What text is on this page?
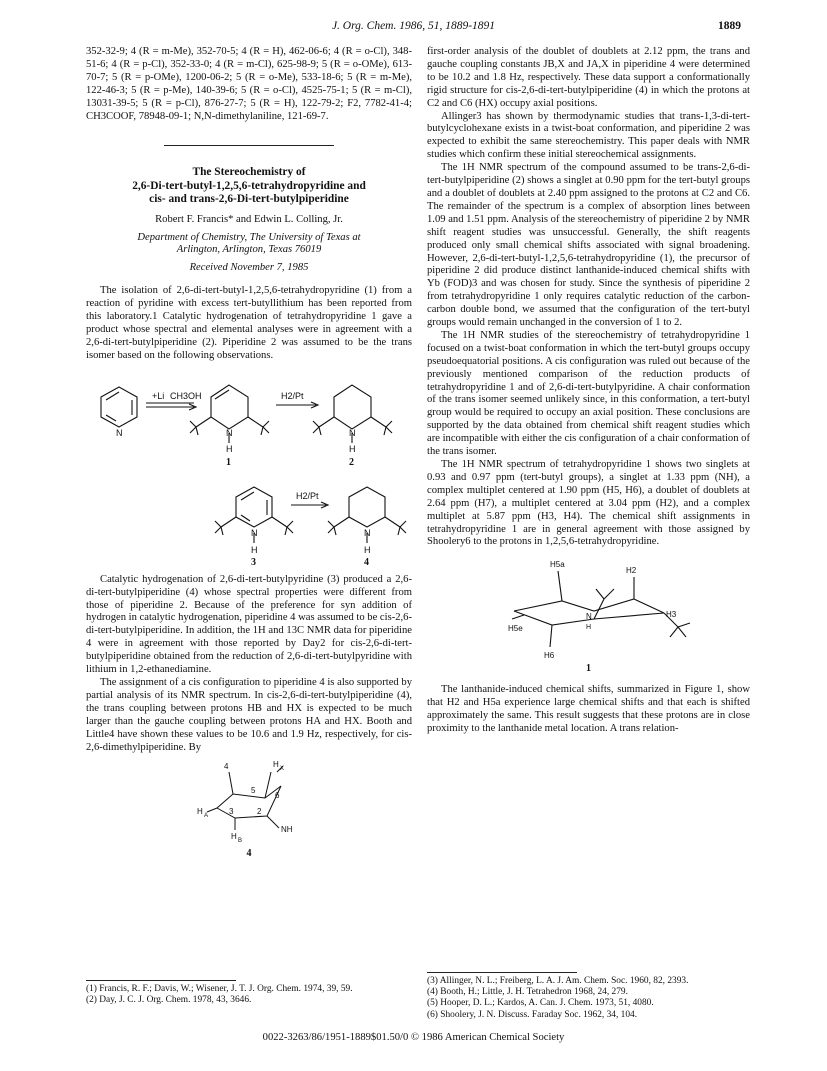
J. Org. Chem. 1986, 51, 1889-1891	1889

352-32-9; 4 (R = m-Me), 352-70-5; 4 (R = H), 462-06-6; 4 (R = o-Cl), 348-51-6; 4 (R = p-Cl), 352-33-0; 4 (R = m-Cl), 625-98-9; 5 (R = o-OMe), 613-70-7; 5 (R = p-OMe), 1200-06-2; 5 (R = o-Me), 533-18-6; 5 (R = m-Me), 122-46-3; 5 (R = p-Me), 140-39-6; 5 (R = o-Cl), 4525-75-1; 5 (R = m-Cl), 13031-39-5; 5 (R = p-Cl), 876-27-7; 5 (R = H), 122-79-2; F2, 7782-41-4; CH3COOF, 78948-09-1; N,N-dimethylaniline, 121-69-7.

The Stereochemistry of

2,6-Di-tert-butyl-1,2,5,6-tetrahydropyridine and

cis- and trans-2,6-Di-tert-butylpiperidine

Robert F. Francis* and Edwin L. Colling, Jr.

Department of Chemistry, The University of Texas at

Arlington, Arlington, Texas 76019

Received November 7, 1985

The isolation of 2,6-di-tert-butyl-1,2,5,6-tetrahydropyridine (1) from a reaction of pyridine with excess tert-butyllithium has been reported from this laboratory.1 Catalytic hydrogenation of tetrahydropyridine 1 gave a product whose spectral and elemental analyses were in agreement with a 2,6-di-tert-butylpiperidine (2). Piperidine 2 was assumed to be the trans isomer based on the following observations.

N
+Li CH3OH
N
H
H2/Pt
N
H
1	2
N
H
H2/Pt
N
H
3	4

Catalytic hydrogenation of 2,6-di-tert-butylpyridine (3) produced a 2,6-di-tert-butylpiperidine (4) whose spectral properties were different from those of piperidine 2. Because of the preference for syn addition of hydrogen in catalytic hydrogenation, piperidine 4 was assumed to be cis-2,6-di-tert-butylpiperidine. In addition, the 1H and 13C NMR data for piperidine 4 were in agreement with those reported by Day2 for cis-2,6-di-tert-butylpiperidine obtained from the reduction of 2,6-di-tert-butylpyridine with lithium in 1,2-ethanediamine.

The assignment of a cis configuration to piperidine 4 is also supported by partial analysis of its NMR spectrum. In cis-2,6-di-tert-butylpiperidine (4), the trans coupling between protons HB and HX is expected to be much larger than the gauche coupling between protons HA and HX. Booth and Little4 have shown these values to be 10.6 and 1.9 Hz, respectively, for cis-2,6-dimethylpiperidine. By

4	H X
5
6
H A	3	2
H B
NH
4

first-order analysis of the doublet of doublets at 2.12 ppm, the trans and gauche coupling constants JB,X and JA,X in piperidine 4 were determined to be 10.2 and 1.8 Hz, respectively. These data support a conformationally rigid structure for cis-2,6-di-tert-butylpiperidine (4) in which the protons at C2 and C6 (HX) occupy axial positions.

Allinger3 has shown by thermodynamic studies that trans-1,3-di-tert-butylcyclohexane exists in a twist-boat conformation, and piperidine 2 was expected to exhibit the same stereochemistry. This paper deals with NMR studies which confirm these initial stereochemical assignments.

The 1H NMR spectrum of the compound assumed to be trans-2,6-di-tert-butylpiperidine (2) shows a singlet at 0.90 ppm for the tert-butyl groups and a doublet of doublets at 2.40 ppm assigned to the protons at C2 and C6. The remainder of the spectrum is a complex of absorption lines between 1.09 and 1.51 ppm. Analysis of the stereochemistry of piperidine 2 by NMR shift reagent studies was unsuccessful. Generally, the shift reagents produced only small chemical shifts associated with signal broadening. However, 2,6-di-tert-butyl-1,2,5,6-tetrahydropyridine (1), the precursor of piperidine 2 did produce distinct lanthanide-induced chemical shifts with Yb (FOD)3 and was chosen for study. Since the synthesis of piperidine 2 from tetrahydropyridine 1 only requires catalytic reduction of the carbon-carbon double bond, we assumed that the configuration of the tert-butyl groups would remain unchanged in the conversion of 1 to 2.

The 1H NMR studies of the stereochemistry of tetrahydropyridine 1 focused on a twist-boat conformation in which the tert-butyl groups occupy pseudoequatorial positions. A cis configuration was ruled out because of the previously mentioned comparison of the reduction products of tetrahydropyridine 1 and of 2,6-di-tert-butylpyridine. A chair conformation of the trans isomer seemed unlikely since, in this conformation, a tert-butyl group would be required to occupy an axial position. These conclusions are supported by the data obtained from chemical shift reagent studies which are incompatible with either the cis configuration of a chair conformation of the trans isomer.

The 1H NMR spectrum of tetrahydropyridine 1 shows two singlets at 0.93 and 0.97 ppm (tert-butyl groups), a singlet at 1.33 ppm (NH), a complex multiplet centered at 1.90 ppm (H5, H6), a doublet of doublets at 2.64 ppm (H7), a multiplet centered at 3.04 ppm (H2), and a complex multiplet at 5.87 ppm (H3, H4). The chemical shift assignments in tetrahydropyridine 1 are in general agreement with those assigned by Shoolery6 to the protons in 1,2,5,6-tetrahydropyridine.

H5a
H2
H5e
N
H
H3
H6
1

The lanthanide-induced chemical shifts, summarized in Figure 1, show that H2 and H5a experience large chemical shifts and that each is shifted approximately the same. This result suggests that these protons are in close proximity to the lanthanide metal location. A trans relation-

(1) Francis, R. F.; Davis, W.; Wisener, J. T. J. Org. Chem. 1974, 39, 59.
(2) Day, J. C. J. Org. Chem. 1978, 43, 3646.
(3) Allinger, N. L.; Freiberg, L. A. J. Am. Chem. Soc. 1960, 82, 2393.
(4) Booth, H.; Little, J. H. Tetrahedron 1968, 24, 279.
(5) Hooper, D. L.; Kardos, A. Can. J. Chem. 1973, 51, 4080.
(6) Shoolery, J. N. Discuss. Faraday Soc. 1962, 34, 104.
0022-3263/86/1951-1889$01.50/0 © 1986 American Chemical Society
